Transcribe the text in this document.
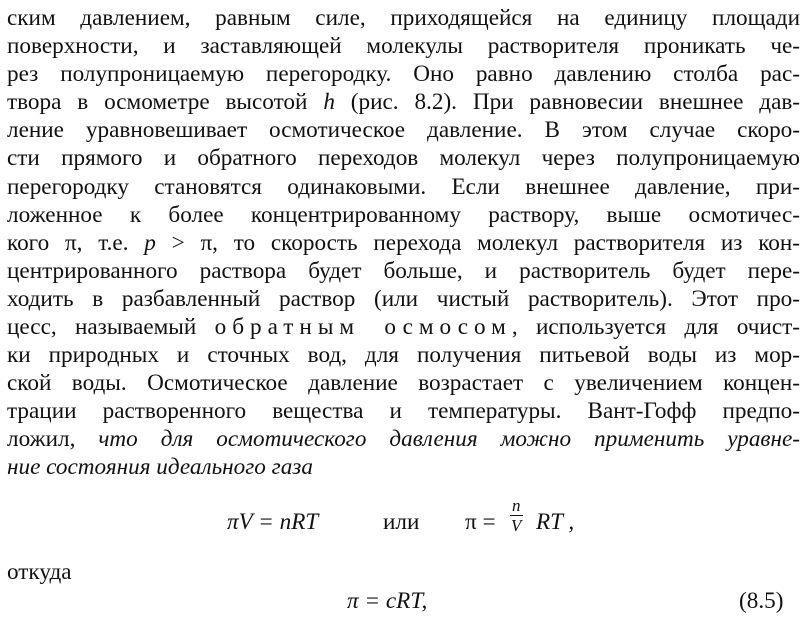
ским давлением, равным силе, приходящейся на единицу площади
поверхности, и заставляющей молекулы растворителя проникать че-
рез полупроницаемую перегородку. Оно равно давлению столба рас-
твора в осмометре высотой h (рис. 8.2). При равновесии внешнее дав-
ление уравновешивает осмотическое давление. В этом случае скоро-
сти прямого и обратного переходов молекул через полупроницаемую
перегородку становятся одинаковыми. Если внешнее давление, при-
ложенное к более концентрированному раствору, выше осмотичес-
кого π, т.е. p > π, то скорость перехода молекул растворителя из кон-
центрированного раствора будет больше, и растворитель будет пере-
ходить в разбавленный раствор (или чистый растворитель). Этот про-
цесс, называемый обратным осмосом, используется для очист-
ки природных и сточных вод, для получения питьевой воды из мор-
ской воды. Осмотическое давление возрастает с увеличением концен-
трации растворенного вещества и температуры. Вант-Гофф предпо-
ложил, что для осмотического давления можно применить уравне-
ние состояния идеального газа
πV = nRT	или $\pi = \frac{n}{V}$ RT ,
откуда
π = cRT,	(8.5)
